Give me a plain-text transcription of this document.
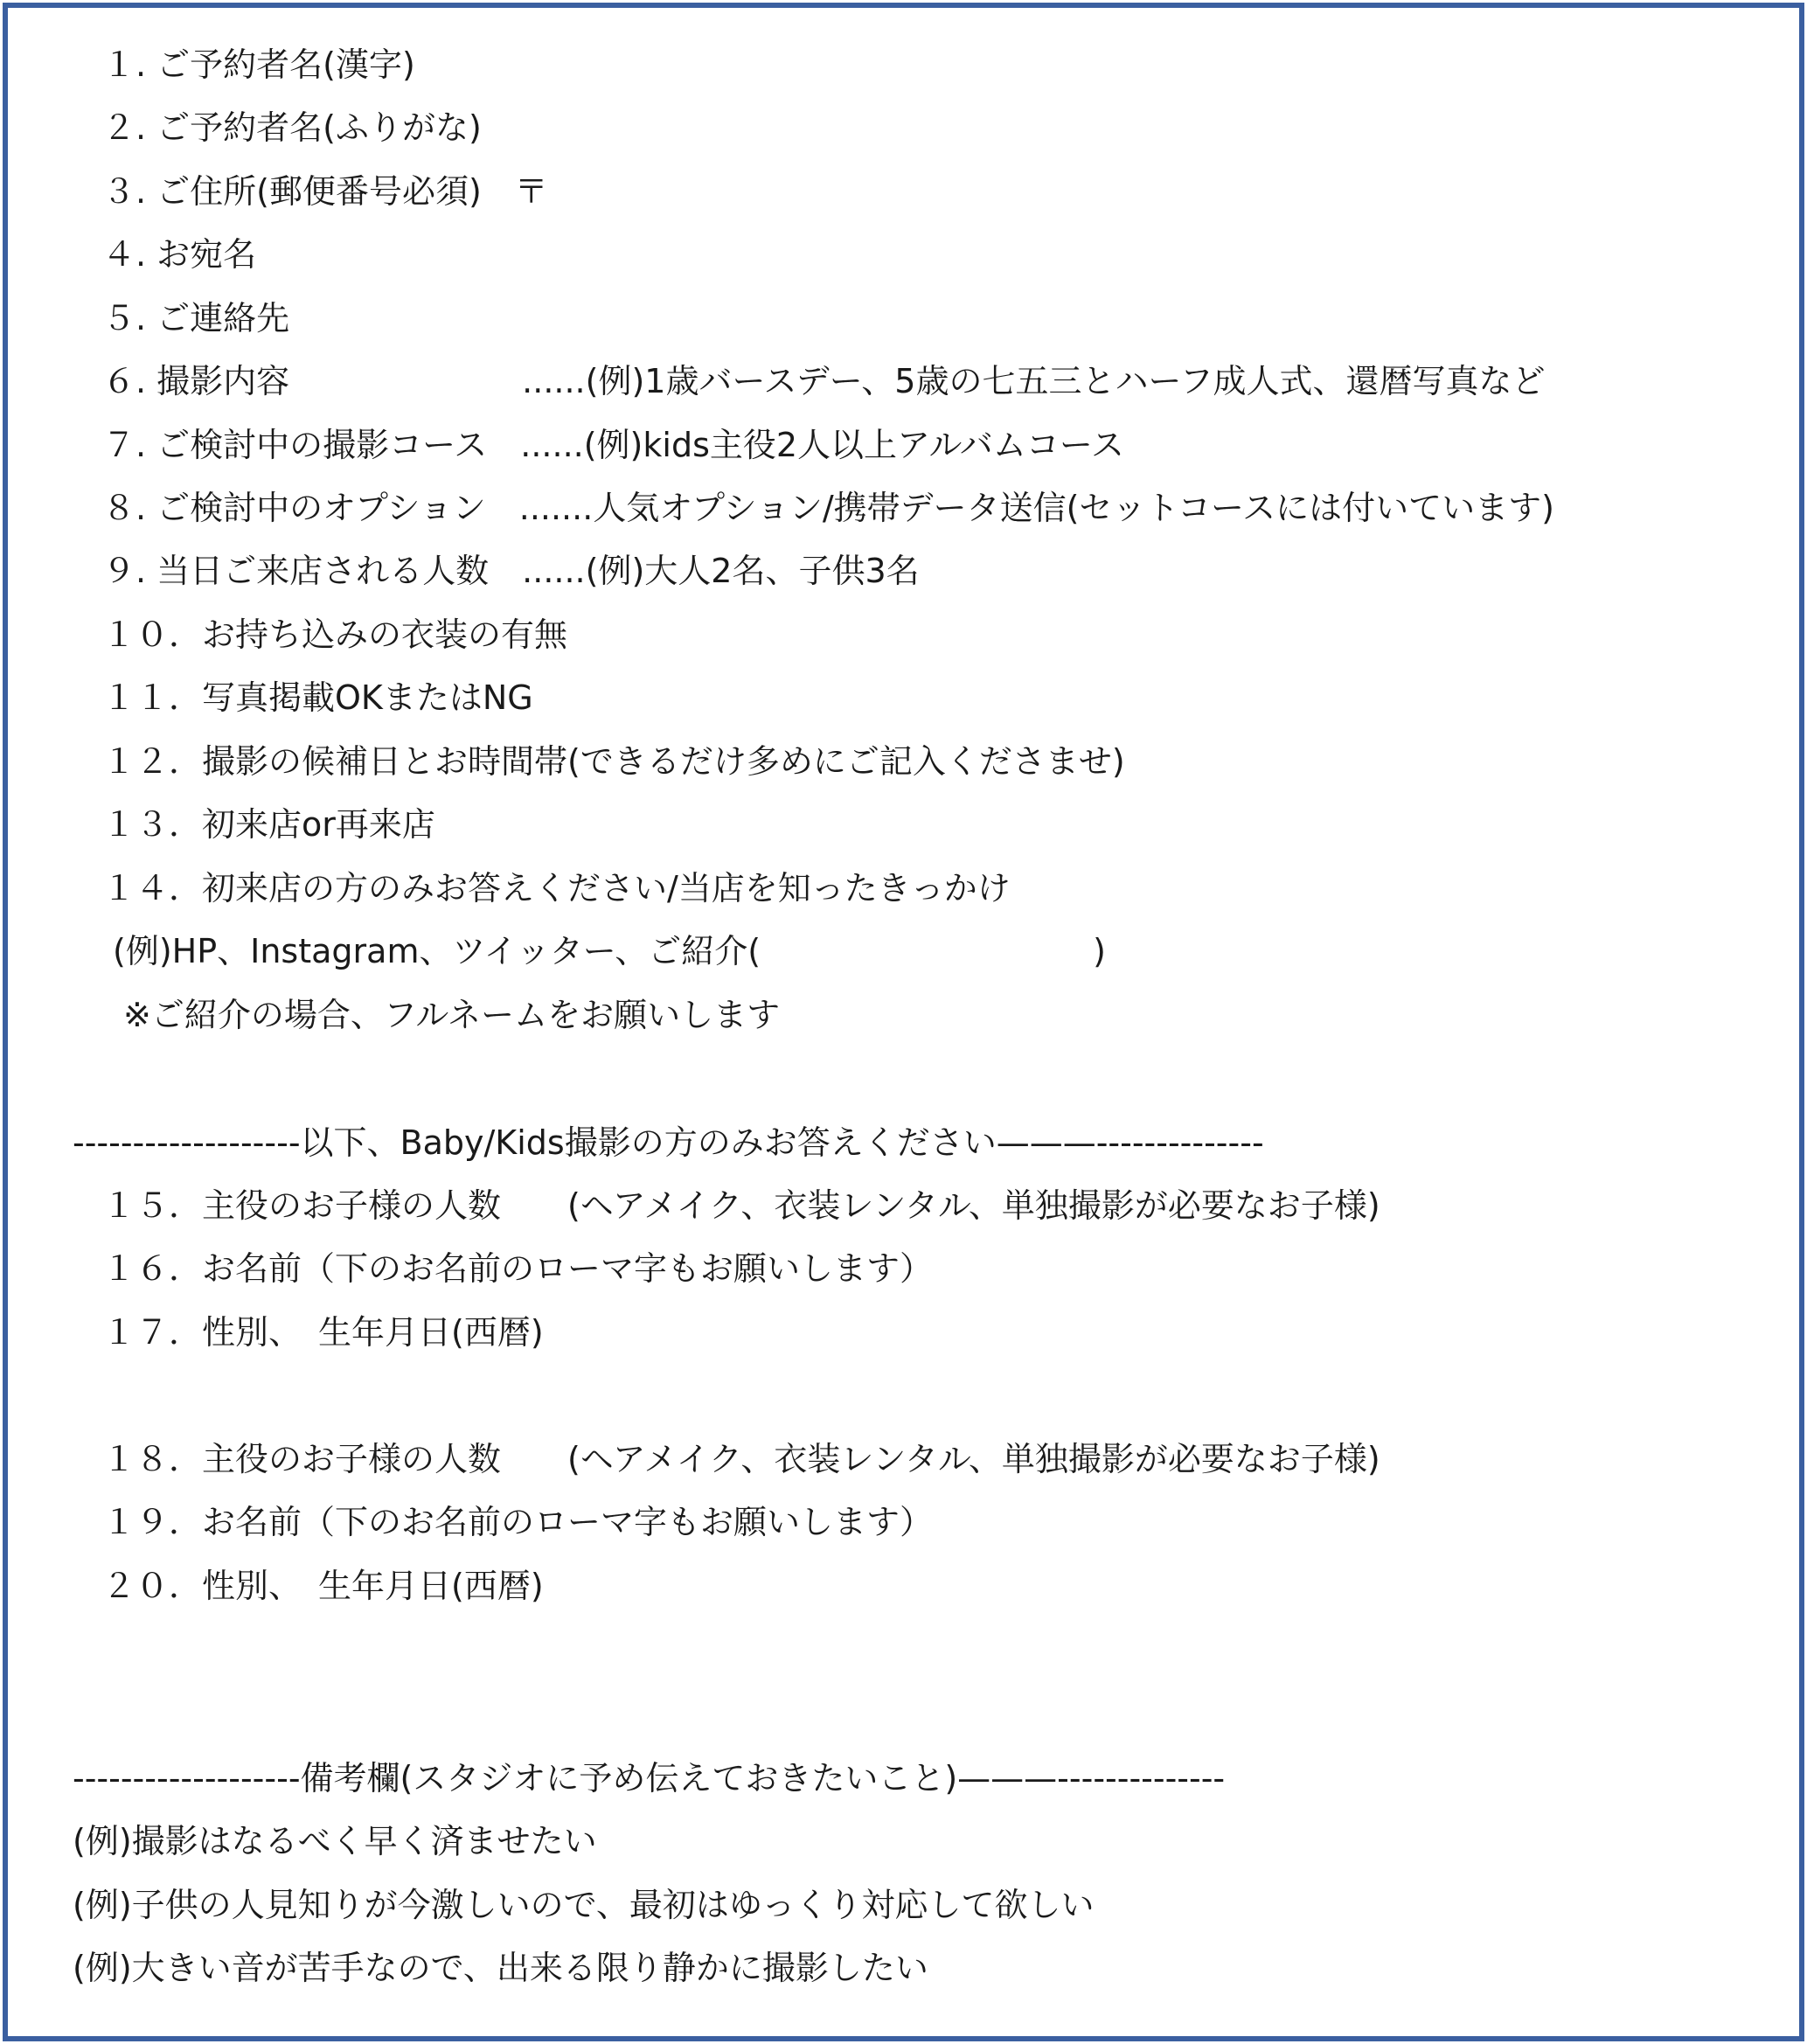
１. ご予約者名(漢字)
２. ご予約者名(ふりがな)
３. ご住所(郵便番号必須)　〒
４. お宛名
５. ご連絡先
６. 撮影内容　　　　　　　......(例)1歳バースデー、5歳の七五三とハーフ成人式、還暦写真など
７. ご検討中の撮影コース　......(例)kids主役2人以上アルバムコース
８. ご検討中のオプション　.......人気オプション/携帯データ送信(セットコースには付いています)
９. 当日ご来店される人数　......(例)大人2名、子供3名
１０．お持ち込みの衣装の有無
１１．写真掲載OKまたはNG
１２．撮影の候補日とお時間帯(できるだけ多めにご記入くださませ)
１３．初来店or再来店
１４．初来店の方のみお答えください/当店を知ったきっかけ
(例)HP、Instagram、ツイッター、ご紹介(　　　　　　　　　　)
※ご紹介の場合、フルネームをお願いします
-------------------以下、Baby/Kids撮影の方のみお答えください———--------------
１５．主役のお子様の人数　　(ヘアメイク、衣装レンタル、単独撮影が必要なお子様)
１６．お名前（下のお名前のローマ字もお願いします）
１７．性別、　生年月日(西暦)
１８．主役のお子様の人数　　(ヘアメイク、衣装レンタル、単独撮影が必要なお子様)
１９．お名前（下のお名前のローマ字もお願いします）
２０．性別、　生年月日(西暦)
-------------------備考欄(スタジオに予め伝えておきたいこと)———--------------
(例)撮影はなるべく早く済ませたい
(例)子供の人見知りが今激しいので、最初はゆっくり対応して欲しい
(例)大きい音が苦手なので、出来る限り静かに撮影したい
